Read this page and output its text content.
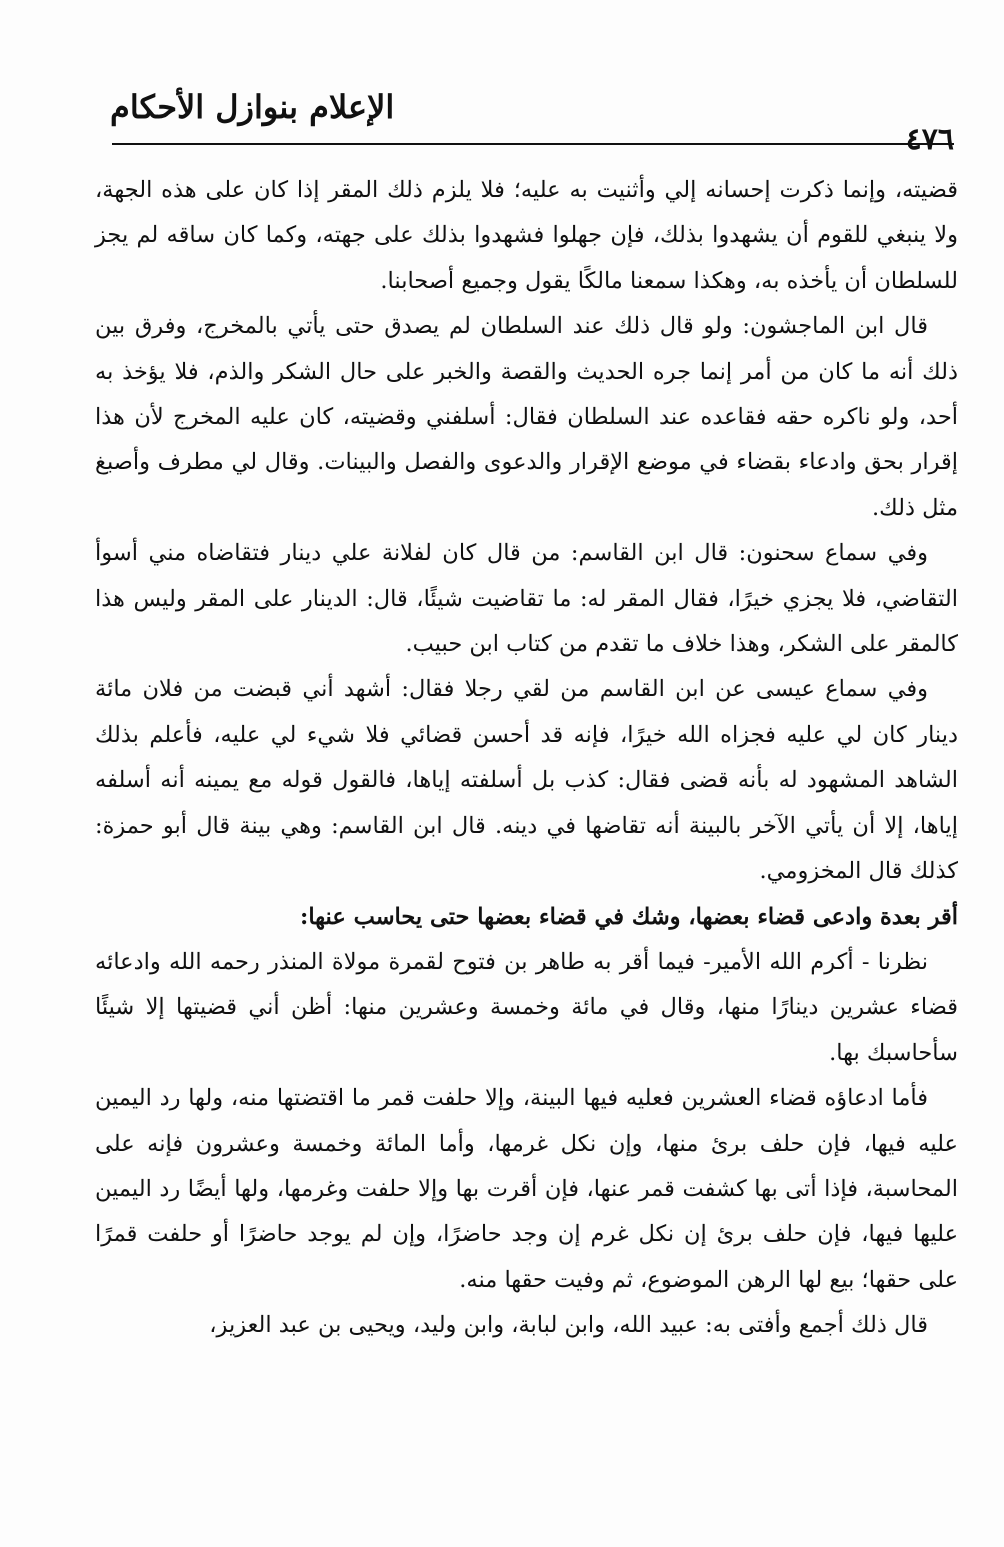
٤٧٦
الإعلام بنوازل الأحكام

قضيته، وإنما ذكرت إحسانه إلي وأثنيت به عليه؛ فلا يلزم ذلك المقر إذا كان على هذه الجهة، ولا ينبغي للقوم أن يشهدوا بذلك، فإن جهلوا فشهدوا بذلك على جهته، وكما كان ساقه لم يجز للسلطان أن يأخذه به، وهكذا سمعنا مالكًا يقول وجميع أصحابنا.

قال ابن الماجشون: ولو قال ذلك عند السلطان لم يصدق حتى يأتي بالمخرج، وفرق بين ذلك أنه ما كان من أمر إنما جره الحديث والقصة والخبر على حال الشكر والذم، فلا يؤخذ به أحد، ولو ناكره حقه فقاعده عند السلطان فقال: أسلفني وقضيته، كان عليه المخرج لأن هذا إقرار بحق وادعاء بقضاء في موضع الإقرار والدعوى والفصل والبينات. وقال لي مطرف وأصبغ مثل ذلك.

وفي سماع سحنون: قال ابن القاسم: من قال كان لفلانة علي دينار فتقاضاه مني أسوأ التقاضي، فلا يجزي خيرًا، فقال المقر له: ما تقاضيت شيئًا، قال: الدينار على المقر وليس هذا كالمقر على الشكر، وهذا خلاف ما تقدم من كتاب ابن حبيب.

وفي سماع عيسى عن ابن القاسم من لقي رجلا فقال: أشهد أني قبضت من فلان مائة دينار كان لي عليه فجزاه الله خيرًا، فإنه قد أحسن قضائي فلا شيء لي عليه، فأعلم بذلك الشاهد المشهود له بأنه قضى فقال: كذب بل أسلفته إياها، فالقول قوله مع يمينه أنه أسلفه إياها، إلا أن يأتي الآخر بالبينة أنه تقاضها في دينه. قال ابن القاسم: وهي بينة قال أبو حمزة: كذلك قال المخزومي.

أقر بعدة وادعى قضاء بعضها، وشك في قضاء بعضها حتى يحاسب عنها:

نظرنا - أكرم الله الأمير- فيما أقر به طاهر بن فتوح لقمرة مولاة المنذر رحمه الله وادعائه قضاء عشرين دينارًا منها، وقال في مائة وخمسة وعشرين منها: أظن أني قضيتها إلا شيئًا سأحاسبك بها.

فأما ادعاؤه قضاء العشرين فعليه فيها البينة، وإلا حلفت قمر ما اقتضتها منه، ولها رد اليمين عليه فيها، فإن حلف برئ منها، وإن نكل غرمها، وأما المائة وخمسة وعشرون فإنه على المحاسبة، فإذا أتى بها كشفت قمر عنها، فإن أقرت بها وإلا حلفت وغرمها، ولها أيضًا رد اليمين عليها فيها، فإن حلف برئ إن نكل غرم إن وجد حاضرًا، وإن لم يوجد حاضرًا أو حلفت قمرًا على حقها؛ بيع لها الرهن الموضوع، ثم وفيت حقها منه.

قال ذلك أجمع وأفتى به: عبيد الله، وابن لبابة، وابن وليد، ويحيى بن عبد العزيز،
